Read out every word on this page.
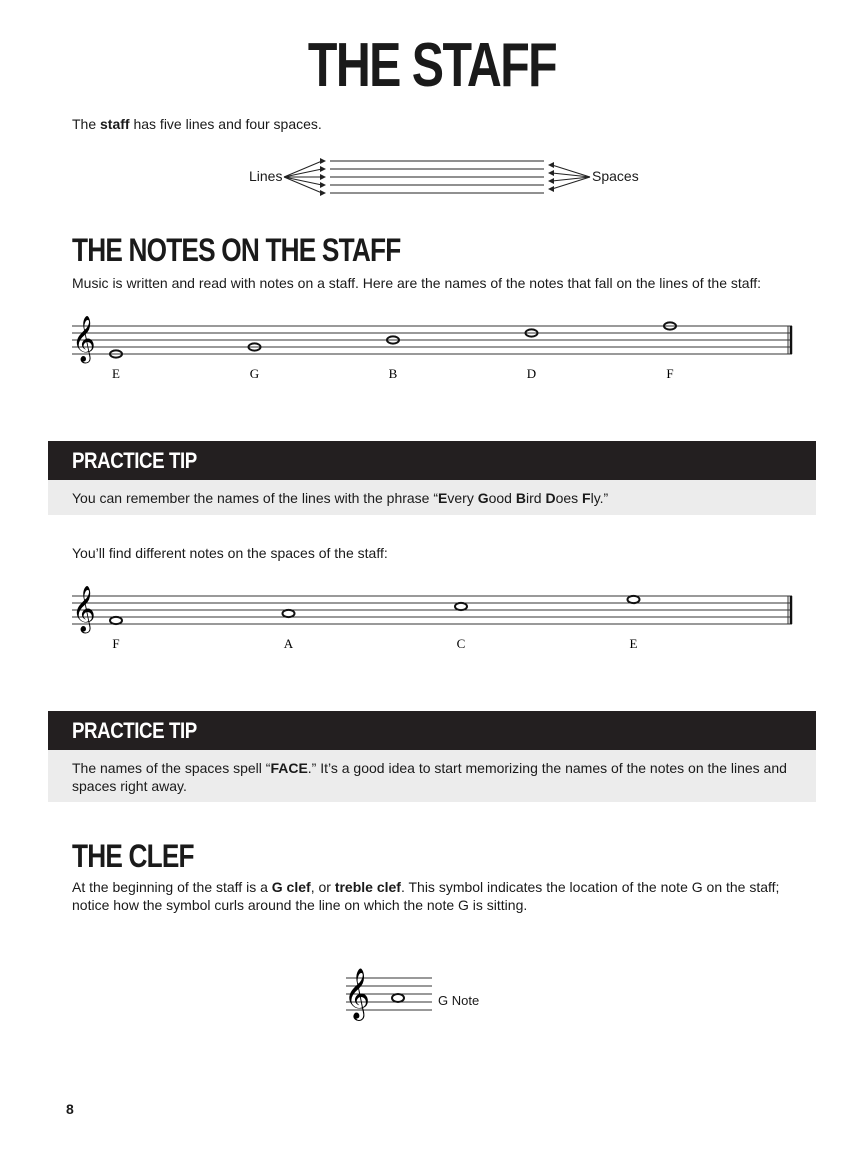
THE STAFF
The staff has five lines and four spaces.
Lines	Spaces
THE NOTES ON THE STAFF
Music is written and read with notes on a staff. Here are the names of the notes that fall on the lines of the staff:
𝄞
E	G	B	D	F
PRACTICE TIP
You can remember the names of the lines with the phrase “Every Good Bird Does Fly.”
You’ll find different notes on the spaces of the staff:
𝄞
F	A	C	E
PRACTICE TIP
The names of the spaces spell “FACE.” It’s a good idea to start memorizing the names of the notes on the lines and spaces right away.
THE CLEF
At the beginning of the staff is a G clef, or treble clef. This symbol indicates the location of the note G on the staff; notice how the symbol curls around the line on which the note G is sitting.
𝄞	G Note
8
